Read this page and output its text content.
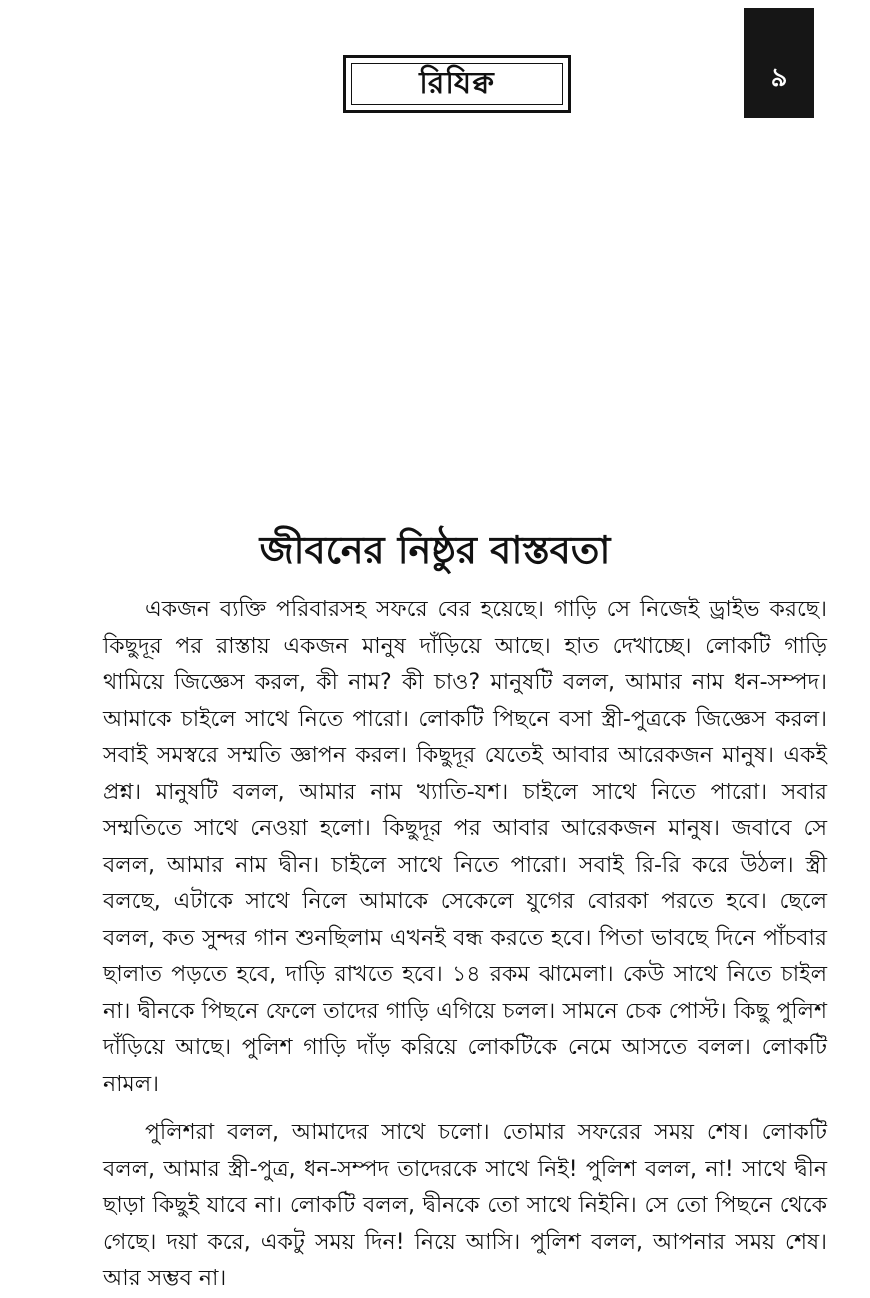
রিযিক্ব	৯
জীবনের নিষ্ঠুর বাস্তবতা

একজন ব্যক্তি পরিবারসহ সফরে বের হয়েছে। গাড়ি সে নিজেই ড্রাইভ করছে। কিছুদূর পর রাস্তায় একজন মানুষ দাঁড়িয়ে আছে। হাত দেখাচ্ছে। লোকটি গাড়ি থামিয়ে জিজ্ঞেস করল, কী নাম? কী চাও? মানুষটি বলল, আমার নাম ধন-সম্পদ। আমাকে চাইলে সাথে নিতে পারো। লোকটি পিছনে বসা স্ত্রী-পুত্রকে জিজ্ঞেস করল। সবাই সমস্বরে সম্মতি জ্ঞাপন করল। কিছুদূর যেতেই আবার আরেকজন মানুষ। একই প্রশ্ন। মানুষটি বলল, আমার নাম খ্যাতি-যশ। চাইলে সাথে নিতে পারো। সবার সম্মতিতে সাথে নেওয়া হলো। কিছুদূর পর আবার আরেকজন মানুষ। জবাবে সে বলল, আমার নাম দ্বীন। চাইলে সাথে নিতে পারো। সবাই রি-রি করে উঠল। স্ত্রী বলছে, এটাকে সাথে নিলে আমাকে সেকেলে যুগের বোরকা পরতে হবে। ছেলে বলল, কত সুন্দর গান শুনছিলাম এখনই বন্ধ করতে হবে। পিতা ভাবছে দিনে পাঁচবার ছালাত পড়তে হবে, দাড়ি রাখতে হবে। ১৪ রকম ঝামেলা। কেউ সাথে নিতে চাইল না। দ্বীনকে পিছনে ফেলে তাদের গাড়ি এগিয়ে চলল। সামনে চেক পোস্ট। কিছু পুলিশ দাঁড়িয়ে আছে। পুলিশ গাড়ি দাঁড় করিয়ে লোকটিকে নেমে আসতে বলল। লোকটি নামল।

পুলিশরা বলল, আমাদের সাথে চলো। তোমার সফরের সময় শেষ। লোকটি বলল, আমার স্ত্রী-পুত্র, ধন-সম্পদ তাদেরকে সাথে নিই! পুলিশ বলল, না! সাথে দ্বীন ছাড়া কিছুই যাবে না। লোকটি বলল, দ্বীনকে তো সাথে নিইনি। সে তো পিছনে থেকে গেছে। দয়া করে, একটু সময় দিন! নিয়ে আসি। পুলিশ বলল, আপনার সময় শেষ। আর সম্ভব না।
